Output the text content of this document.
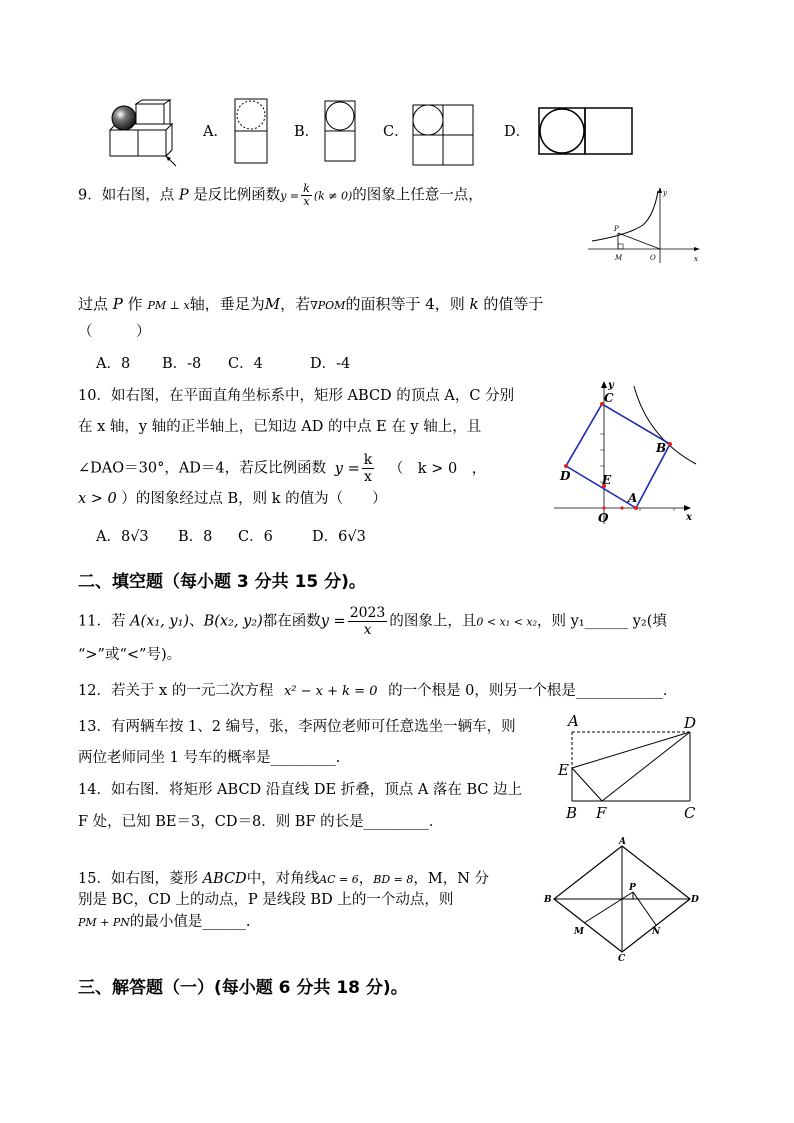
A．	B．	C．	D．
9．如右图，点 P 是反比例函数$y = \frac{k}{x} (k \ne 0)$的图象上任意一点，	y
x
P
M	O
过点 P 作 PM ⊥ x轴，垂足为M，若∇POM的面积等于 4，则 k 的值等于
（　　　）
A．8 B．-8 C．4	D．-4
10．如右图，在平面直角坐标系中，矩形 ABCD 的顶点 A，C 分别
在 x 轴，y 轴的正半轴上，已知边 AD 的中点 E 在 y 轴上，且
∠DAO＝30°，AD＝4，若反比例函数 $y = \frac{k}{x}$ （　k > 0　，
x > 0 ）的图象经过点 B，则 k 的值为（　　）
A．8√3 B．8 C．6	D．6√3
y
x
C
B
D	E
A
O
二、填空题（每小题 3 分共 15 分)。
11．若 A(x₁, y₁)、B(x₂, y₂)都在函数$y = \frac{2023}{x}$ 的图象上，且0 < x₁ < x₂，则 y₁______ y₂(填
“>”或“<”号)。
12．若关于 x 的一元二次方程 x² − x + k = 0 的一个根是 0，则另一个根是____________．
13．有两辆车按 1、2 编号，张，李两位老师可任意选坐一辆车，则
两位老师同坐 1 号车的概率是_________.
14．如右图．将矩形 ABCD 沿直线 DE 折叠，顶点 A 落在 BC 边上
F 处，已知 BE＝3，CD＝8．则 BF 的长是_________．
A	D
E
B F	C
15．如右图，菱形 ABCD中，对角线AC = 6，BD = 8，M，N 分
别是 BC，CD 上的动点，P 是线段 BD 上的一个动点，则
PM + PN的最小值是______.
A
B	D
C
P
M	N
三、解答题（一）(每小题 6 分共 18 分)。
